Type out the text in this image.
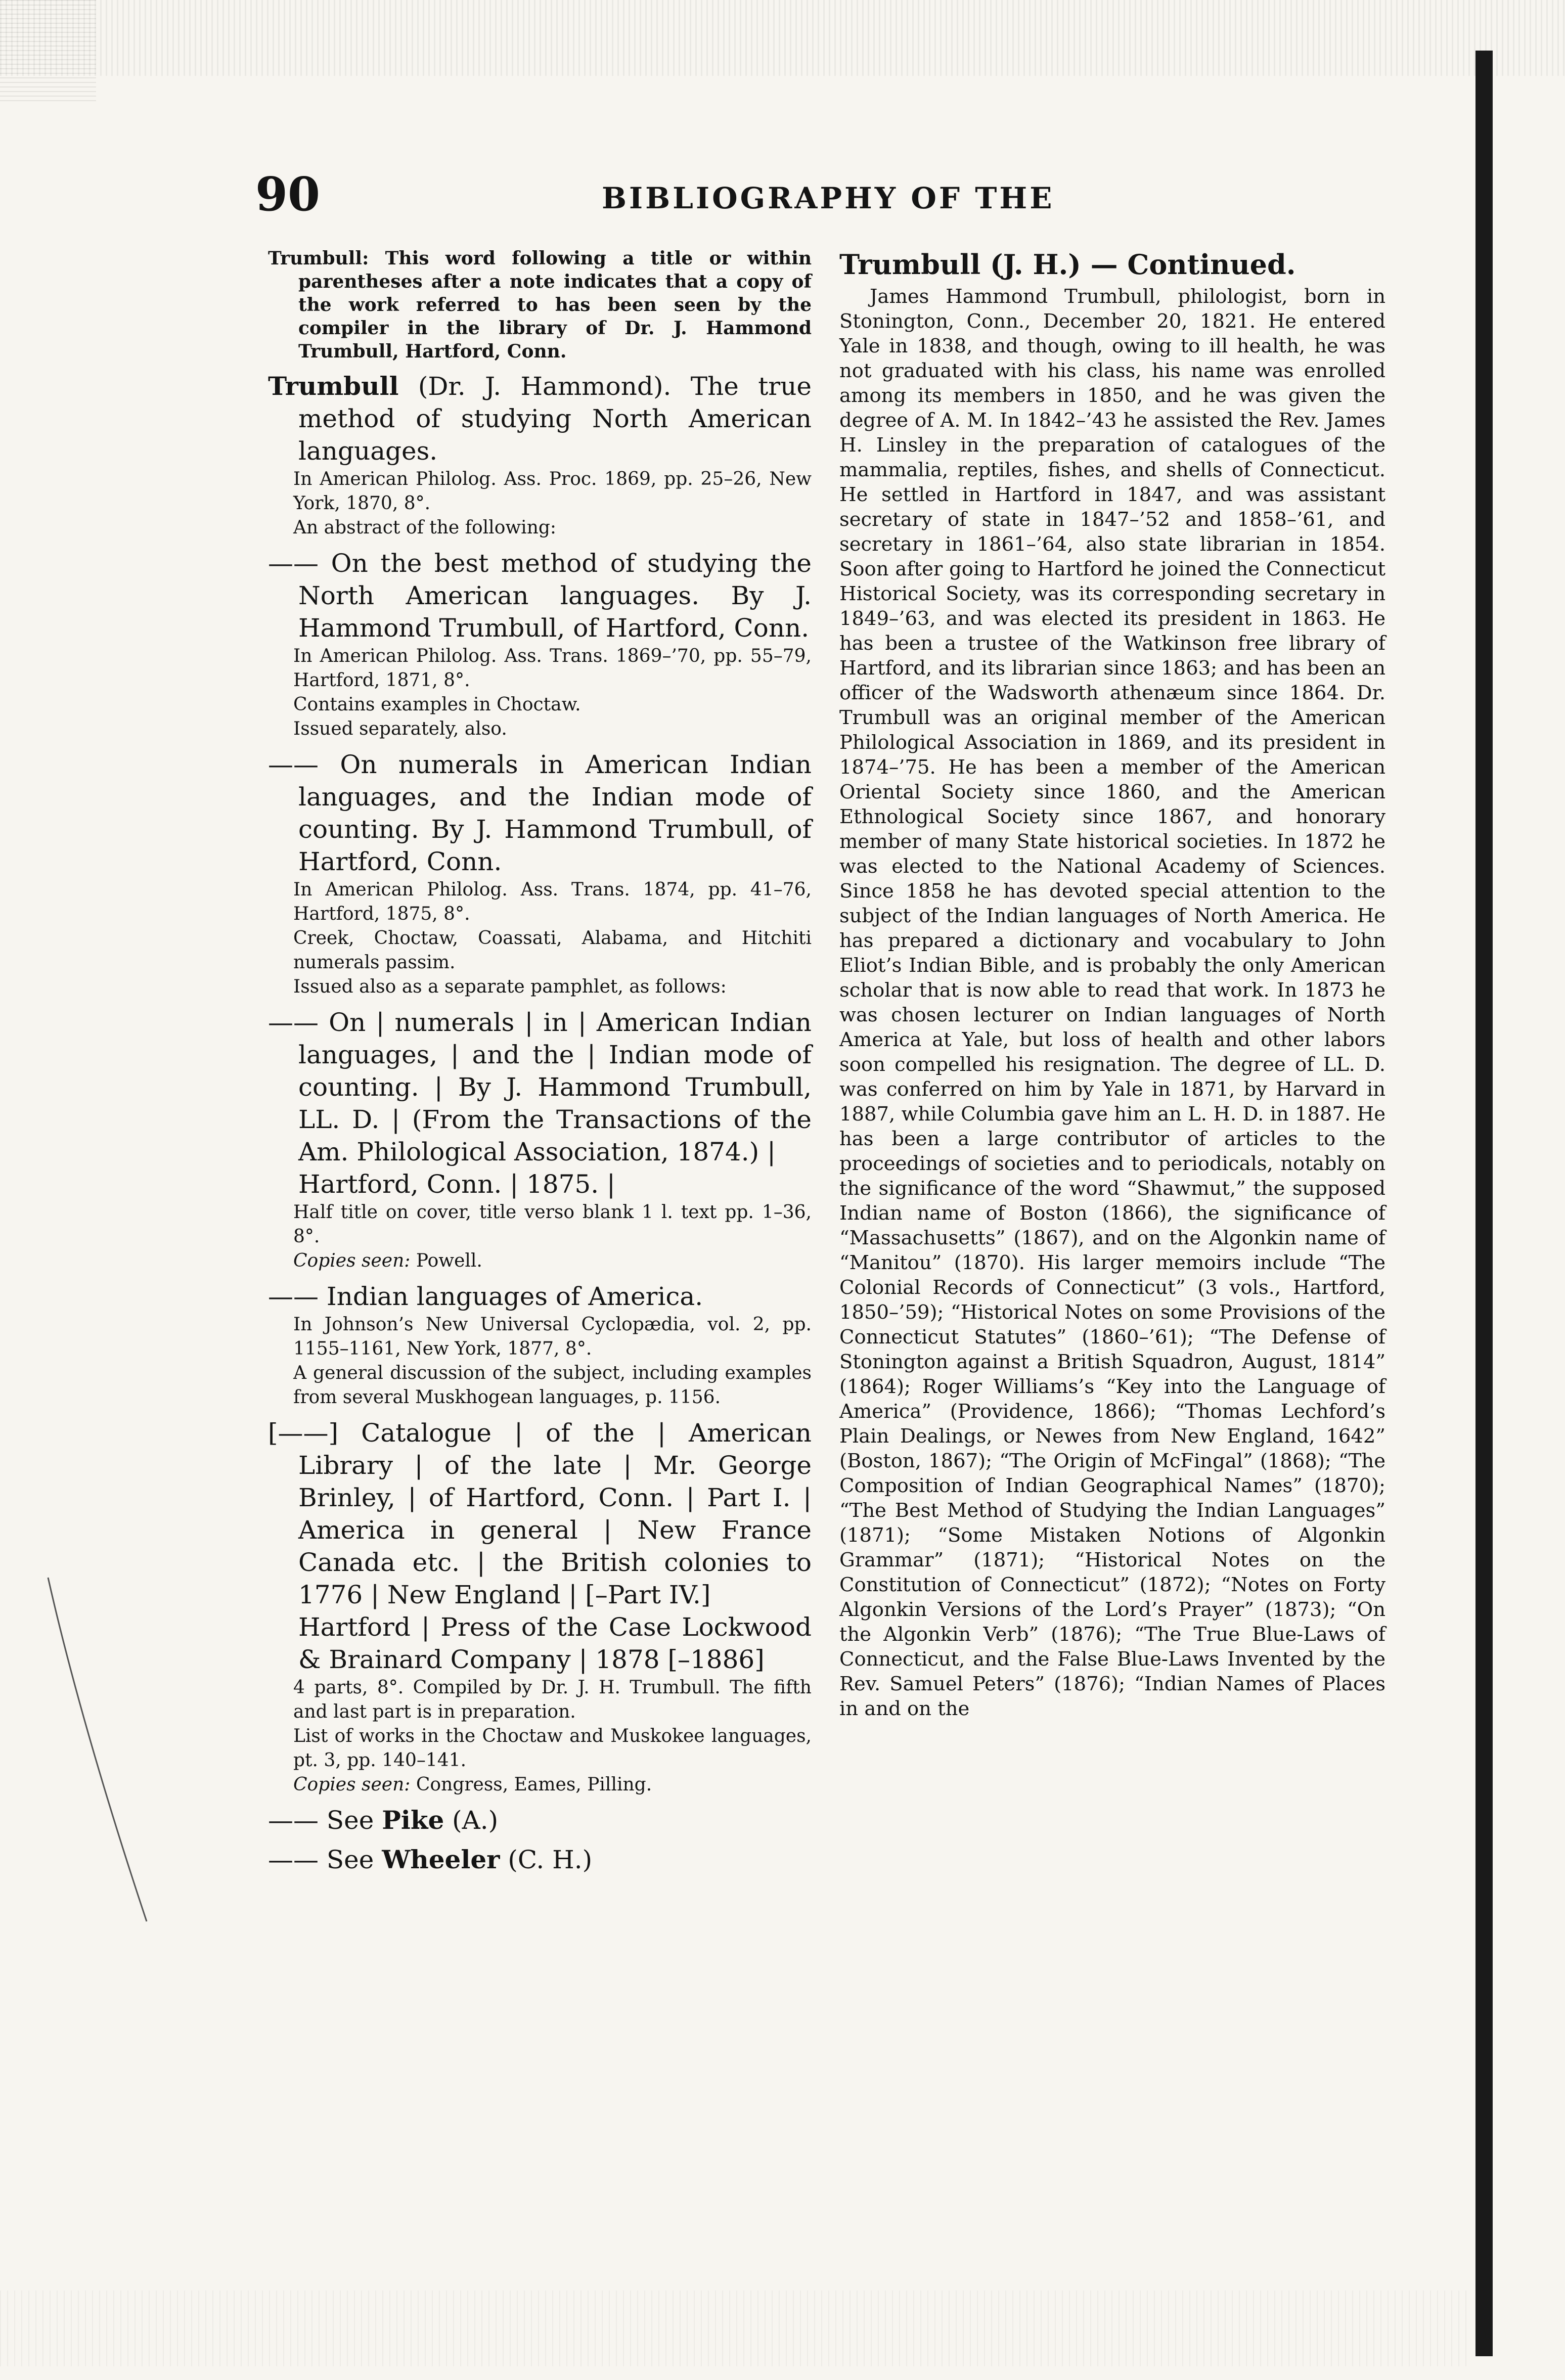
90	BIBLIOGRAPHY OF THE

Trumbull: This word following a title or within parentheses after a note indicates that a copy of the work referred to has been seen by the compiler in the library of Dr. J. Hammond Trumbull, Hartford, Conn.

Trumbull (Dr. J. Hammond). The true method of studying North American languages.

In American Philolog. Ass. Proc. 1869, pp. 25–26, New York, 1870, 8°.

An abstract of the following:

—— On the best method of studying the North American languages. By J. Hammond Trumbull, of Hartford, Conn.

In American Philolog. Ass. Trans. 1869–’70, pp. 55–79, Hartford, 1871, 8°.

Contains examples in Choctaw.

Issued separately, also.

—— On numerals in American Indian languages, and the Indian mode of counting. By J. Hammond Trumbull, of Hartford, Conn.

In American Philolog. Ass. Trans. 1874, pp. 41–76, Hartford, 1875, 8°.

Creek, Choctaw, Coassati, Alabama, and Hitchiti numerals passim.

Issued also as a separate pamphlet, as follows:

—— On | numerals | in | American Indian languages, | and the | Indian mode of counting. | By J. Hammond Trumbull, LL. D. | (From the Transactions of the Am. Philological Association, 1874.) |

Hartford, Conn. | 1875. |

Half title on cover, title verso blank 1 l. text pp. 1–36, 8°.

Copies seen: Powell.

—— Indian languages of America.

In Johnson’s New Universal Cyclopædia, vol. 2, pp. 1155–1161, New York, 1877, 8°.

A general discussion of the subject, including examples from several Muskhogean languages, p. 1156.

[——] Catalogue | of the | American Library | of the late | Mr. George Brinley, | of Hartford, Conn. | Part I. | America in general | New France Canada etc. | the British colonies to 1776 | New England | [–Part IV.]

Hartford | Press of the Case Lockwood & Brainard Company | 1878 [–1886]

4 parts, 8°. Compiled by Dr. J. H. Trumbull. The fifth and last part is in preparation.

List of works in the Choctaw and Muskokee languages, pt. 3, pp. 140–141.

Copies seen: Congress, Eames, Pilling.

—— See Pike (A.)

—— See Wheeler (C. H.)

Trumbull (J. H.) — Continued.

James Hammond Trumbull, philologist, born in Stonington, Conn., December 20, 1821. He entered Yale in 1838, and though, owing to ill health, he was not graduated with his class, his name was enrolled among its members in 1850, and he was given the degree of A. M. In 1842–’43 he assisted the Rev. James H. Linsley in the preparation of catalogues of the mammalia, reptiles, fishes, and shells of Connecticut. He settled in Hartford in 1847, and was assistant secretary of state in 1847–’52 and 1858–’61, and secretary in 1861–’64, also state librarian in 1854. Soon after going to Hartford he joined the Connecticut Historical Society, was its corresponding secretary in 1849–’63, and was elected its president in 1863. He has been a trustee of the Watkinson free library of Hartford, and its librarian since 1863; and has been an officer of the Wadsworth athenæum since 1864. Dr. Trumbull was an original member of the American Philological Association in 1869, and its president in 1874–’75. He has been a member of the American Oriental Society since 1860, and the American Ethnological Society since 1867, and honorary member of many State historical societies. In 1872 he was elected to the National Academy of Sciences. Since 1858 he has devoted special attention to the subject of the Indian languages of North America. He has prepared a dictionary and vocabulary to John Eliot’s Indian Bible, and is probably the only American scholar that is now able to read that work. In 1873 he was chosen lecturer on Indian languages of North America at Yale, but loss of health and other labors soon compelled his resignation. The degree of LL. D. was conferred on him by Yale in 1871, by Harvard in 1887, while Columbia gave him an L. H. D. in 1887. He has been a large contributor of articles to the proceedings of societies and to periodicals, notably on the significance of the word “Shawmut,” the supposed Indian name of Boston (1866), the significance of “Massachusetts” (1867), and on the Algonkin name of “Manitou” (1870). His larger memoirs include “The Colonial Records of Connecticut” (3 vols., Hartford, 1850–’59); “Historical Notes on some Provisions of the Connecticut Statutes” (1860–’61); “The Defense of Stonington against a British Squadron, August, 1814” (1864); Roger Williams’s “Key into the Language of America” (Providence, 1866); “Thomas Lechford’s Plain Dealings, or Newes from New England, 1642” (Boston, 1867); “The Origin of McFingal” (1868); “The Composition of Indian Geographical Names” (1870); “The Best Method of Studying the Indian Languages” (1871); “Some Mistaken Notions of Algonkin Grammar” (1871); “Historical Notes on the Constitution of Connecticut” (1872); “Notes on Forty Algonkin Versions of the Lord’s Prayer” (1873); “On the Algonkin Verb” (1876); “The True Blue-Laws of Connecticut, and the False Blue-Laws Invented by the Rev. Samuel Peters” (1876); “Indian Names of Places in and on the
